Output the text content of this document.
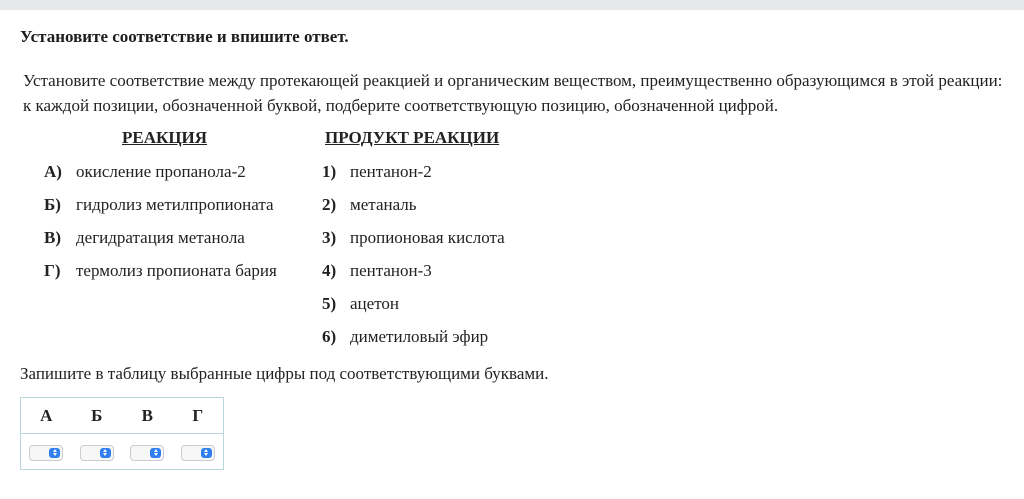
Установите соответствие и впишите ответ.
Установите соответствие между протекающей реакцией и органическим веществом, преимущественно образующимся в этой реакции: к каждой позиции, обозначенной буквой, подберите соответствующую позицию, обозначенной цифрой.
РЕАКЦИЯ	ПРОДУКТ РЕАКЦИИ
А) окисление пропанола-2
Б) гидролиз метилпропионата
В) дегидратация метанола
Г) термолиз пропионата бария
1) пентанон-2
2) метаналь
3) пропионовая кислота
4) пентанон-3
5) ацетон
6) диметиловый эфир
Запишите в таблицу выбранные цифры под соответствующими буквами.
А	Б	В	Г
